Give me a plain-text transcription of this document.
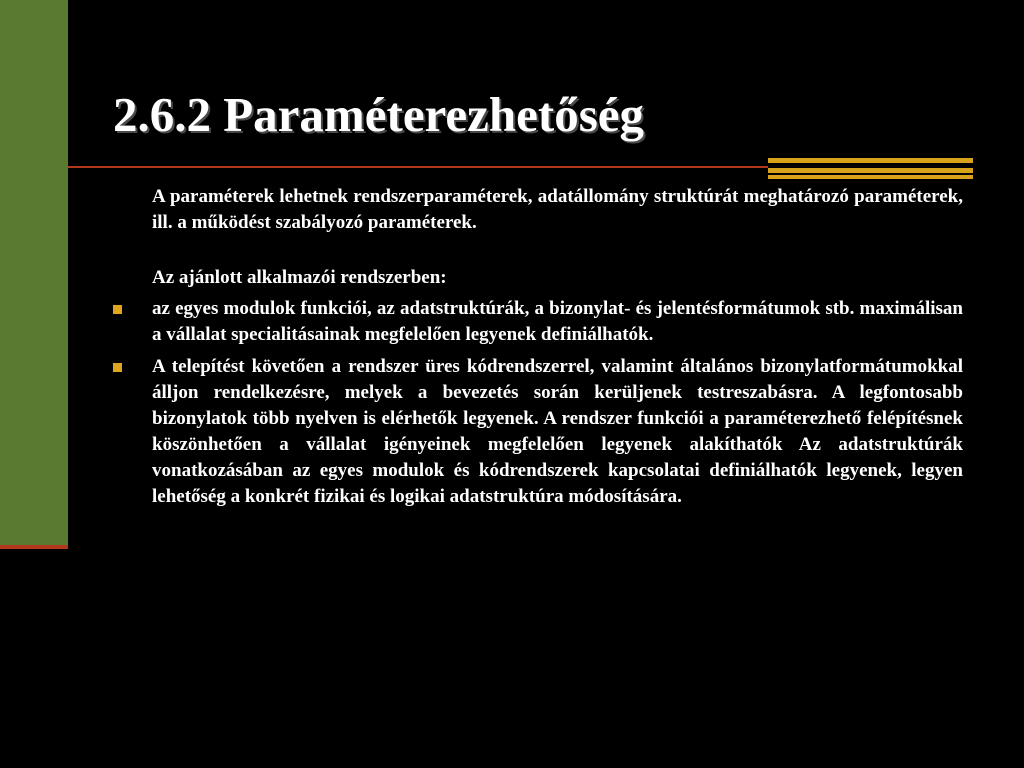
2.6.2 Paraméterezhetőség

A paraméterek lehetnek rendszerparaméterek, adatállomány struktúrát meghatározó paraméterek, ill. a működést szabályozó paraméterek.

Az ajánlott alkalmazói rendszerben:

az egyes modulok funkciói, az adatstruktúrák, a bizonylat- és jelentésformátumok stb. maximálisan a vállalat specialitásainak megfelelően legyenek definiálhatók.
A telepítést követően a rendszer üres kódrendszerrel, valamint általános bizonylatformátumokkal álljon rendelkezésre, melyek a bevezetés során kerüljenek testreszabásra. A legfontosabb bizonylatok több nyelven is elérhetők legyenek. A rendszer funkciói a paraméterezhető felépítésnek köszönhetően a vállalat igényeinek megfelelően legyenek alakíthatók Az adatstruktúrák vonatkozásában az egyes modulok és kódrendszerek kapcsolatai definiálhatók legyenek, legyen lehetőség a konkrét fizikai és logikai adatstruktúra módosítására.
